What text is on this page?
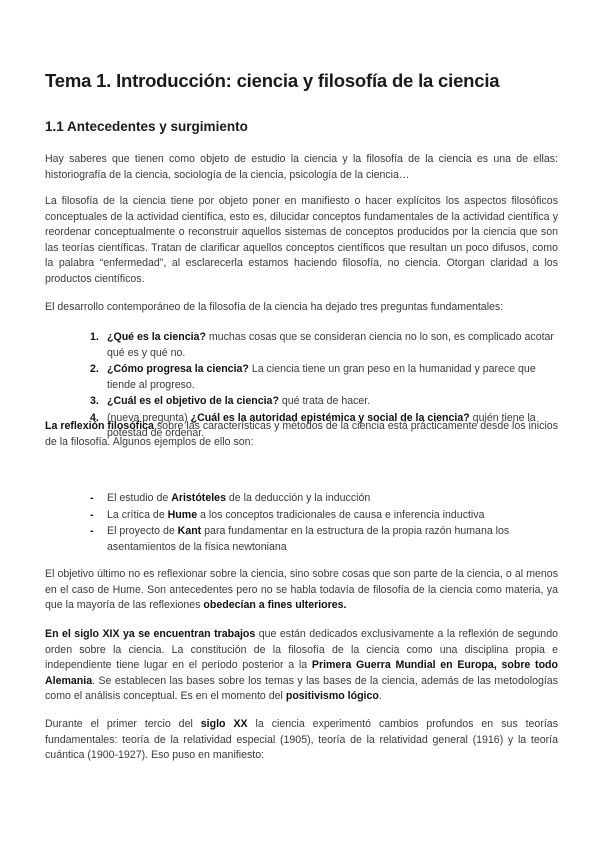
Tema 1. Introducción: ciencia y filosofía de la ciencia
1.1 Antecedentes y surgimiento

Hay saberes que tienen como objeto de estudio la ciencia y la filosofía de la ciencia es una de ellas: historiografía de la ciencia, sociología de la ciencia, psicología de la ciencia…

La filosofía de la ciencia tiene por objeto poner en manifiesto o hacer explícitos los aspectos filosóficos conceptuales de la actividad científica, esto es, dilucidar conceptos fundamentales de la actividad científica y reordenar conceptualmente o reconstruir aquellos sistemas de conceptos producidos por la ciencia que son las teorías científicas. Tratan de clarificar aquellos conceptos científicos que resultan un poco difusos, como la palabra “enfermedad”, al esclarecerla estamos haciendo filosofía, no ciencia. Otorgan claridad a los productos científicos.

El desarrollo contemporáneo de la filosofía de la ciencia ha dejado tres preguntas fundamentales:

1. ¿Qué es la ciencia? muchas cosas que se consideran ciencia no lo son, es complicado acotar qué es y qué no.
2. ¿Cómo progresa la ciencia? La ciencia tiene un gran peso en la humanidad y parece que tiende al progreso.
3. ¿Cuál es el objetivo de la ciencia? qué trata de hacer.
4. (nueva pregunta) ¿Cuál es la autoridad epistémica y social de la ciencia? quién tiene la potestad de ordenar.

La reflexión filosófica sobre las características y métodos de la ciencia está prácticamente desde los inicios de la filosofía. Algunos ejemplos de ello son:

- El estudio de Aristóteles de la deducción y la inducción
- La crítica de Hume a los conceptos tradicionales de causa e inferencia inductiva
- El proyecto de Kant para fundamentar en la estructura de la propia razón humana los asentamientos de la física newtoniana

El objetivo último no es reflexionar sobre la ciencia, sino sobre cosas que son parte de la ciencia, o al menos en el caso de Hume. Son antecedentes pero no se habla todavía de filosofía de la ciencia como materia, ya que la mayoría de las reflexiones obedecían a fines ulteriores.

En el siglo XIX ya se encuentran trabajos que están dedicados exclusivamente a la reflexión de segundo orden sobre la ciencia. La constitución de la filosofía de la ciencia como una disciplina propia e independiente tiene lugar en el período posterior a la Primera Guerra Mundial en Europa, sobre todo Alemania. Se establecen las bases sobre los temas y las bases de la ciencia, además de las metodologías como el análisis conceptual. Es en el momento del positivismo lógico.

Durante el primer tercio del siglo XX la ciencia experimentó cambios profundos en sus teorías fundamentales: teoría de la relatividad especial (1905), teoría de la relatividad general (1916) y la teoría cuántica (1900-1927). Eso puso en manifiesto:
